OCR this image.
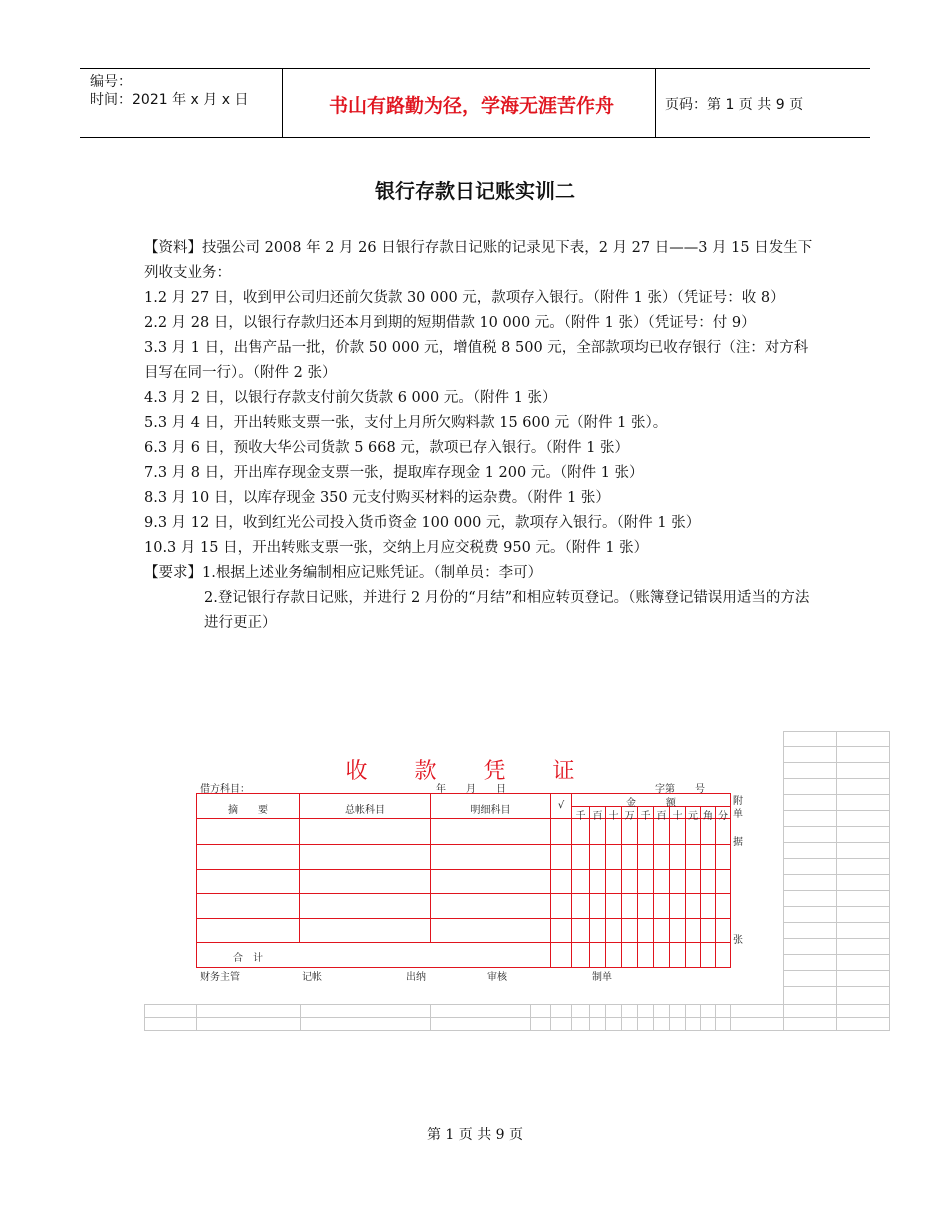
编号：
时间：2021 年 x 月 x 日	书山有路勤为径，学海无涯苦作舟	页码：第 1 页 共 9 页
银行存款日记账实训二

【资料】技强公司 2008 年 2 月 26 日银行存款日记账的记录见下表，2 月 27 日——3 月 15 日发生下列收支业务：

1.2 月 27 日，收到甲公司归还前欠货款 30 000 元，款项存入银行。（附件 1 张）（凭证号：收 8）

2.2 月 28 日，以银行存款归还本月到期的短期借款 10 000 元。（附件 1 张）（凭证号：付 9）

3.3 月 1 日，出售产品一批，价款 50 000 元，增值税 8 500 元，全部款项均已收存银行（注：对方科目写在同一行）。（附件 2 张）

4.3 月 2 日，以银行存款支付前欠货款 6 000 元。（附件 1 张）

5.3 月 4 日，开出转账支票一张，支付上月所欠购料款 15 600 元（附件 1 张）。

6.3 月 6 日，预收大华公司货款 5 668 元，款项已存入银行。（附件 1 张）

7.3 月 8 日，开出库存现金支票一张，提取库存现金 1 200 元。（附件 1 张）

8.3 月 10 日，以库存现金 350 元支付购买材料的运杂费。（附件 1 张）

9.3 月 12 日，收到红光公司投入货币资金 100 000 元，款项存入银行。（附件 1 张）

10.3 月 15 日，开出转账支票一张，交纳上月应交税费 950 元。（附件 1 张）

【要求】1.根据上述业务编制相应记账凭证。（制单员：李可）

2.登记银行存款日记账，并进行 2 月份的“月结”和相应转页登记。（账簿登记错误用适当的方法进行更正）

收 款 凭 证
借方科目：	年　　月　　日	字第　　号
摘　　要	总帐科目	明细科目	√	金　　　额
千 百 十 万 千 百 十 元 角 分
附单
据
张
合　计
财务主管	记帐	出纳	审核	制单
第 1 页 共 9 页
